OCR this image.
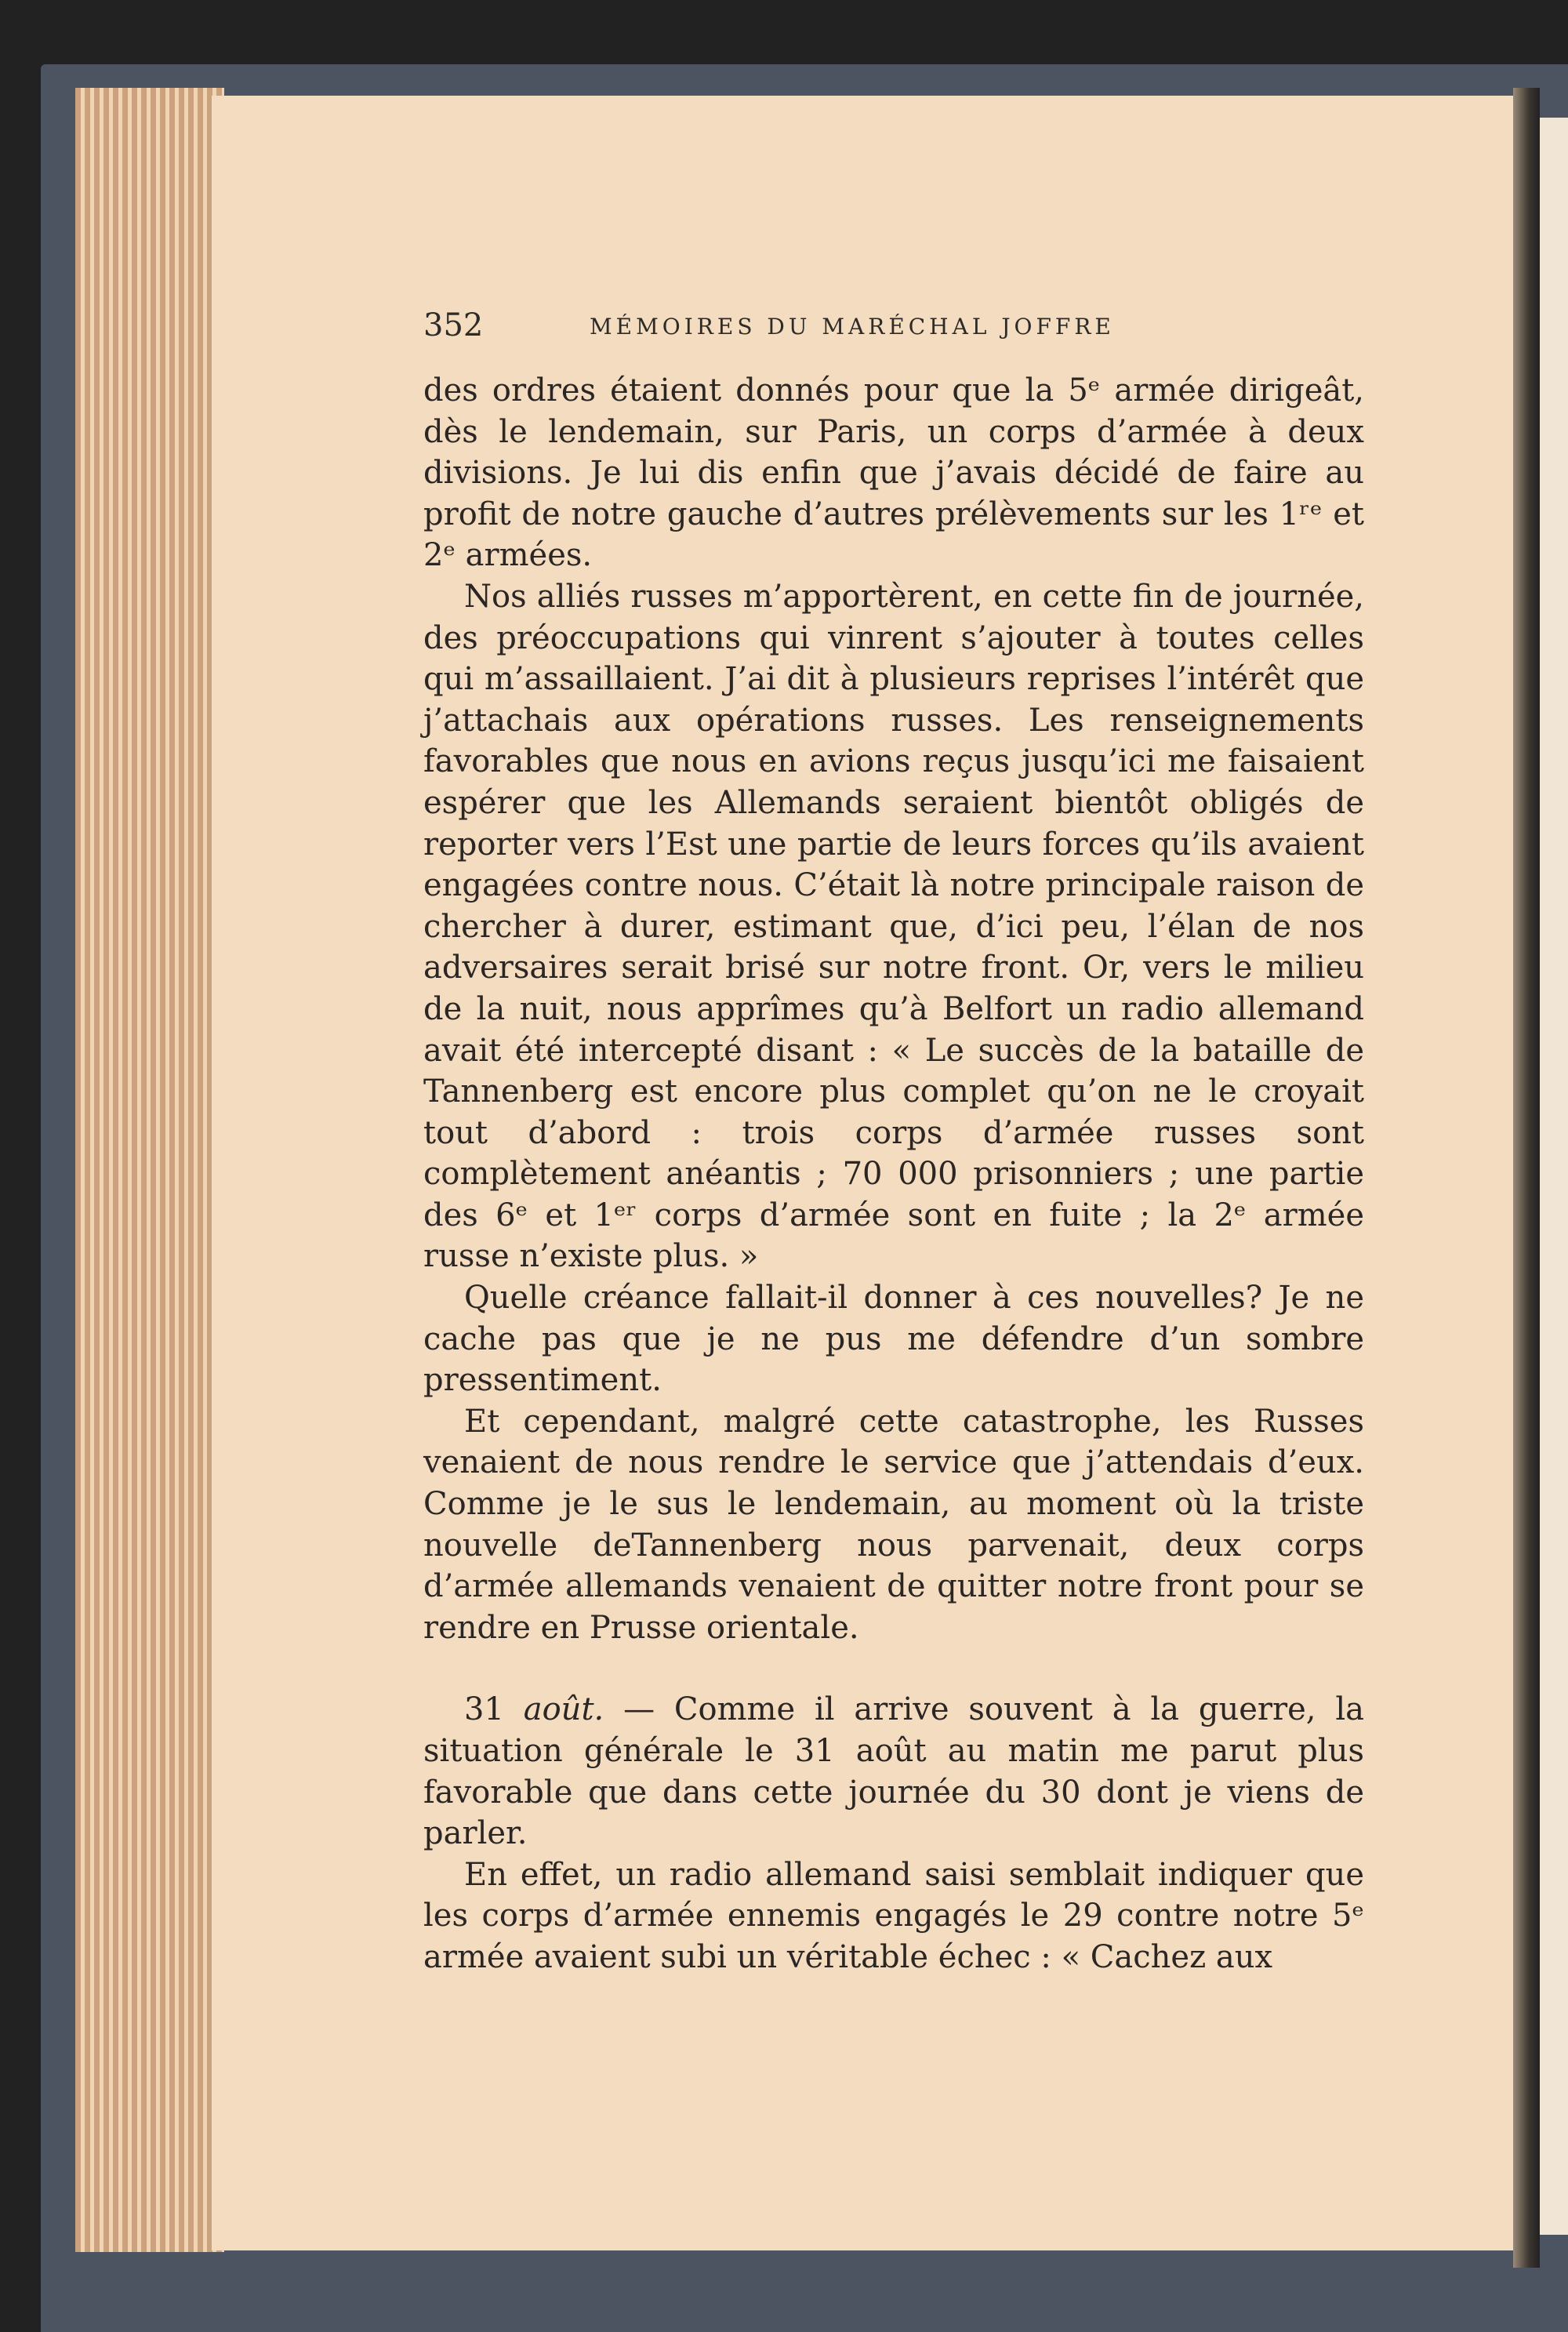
352	MÉMOIRES DU MARÉCHAL JOFFRE

des ordres étaient donnés pour que la 5ᵉ armée dirigeât, dès le lendemain, sur Paris, un corps d’armée à deux divisions. Je lui dis enfin que j’avais décidé de faire au profit de notre gauche d’autres prélèvements sur les 1ʳᵉ et 2ᵉ armées.

Nos alliés russes m’apportèrent, en cette fin de journée, des préoccupations qui vinrent s’ajouter à toutes celles qui m’assaillaient. J’ai dit à plusieurs reprises l’intérêt que j’attachais aux opérations russes. Les renseignements favorables que nous en avions reçus jusqu’ici me faisaient espérer que les Allemands seraient bientôt obligés de reporter vers l’Est une partie de leurs forces qu’ils avaient engagées contre nous. C’était là notre principale raison de chercher à durer, estimant que, d’ici peu, l’élan de nos adversaires serait brisé sur notre front. Or, vers le milieu de la nuit, nous apprîmes qu’à Belfort un radio allemand avait été intercepté disant : « Le succès de la bataille de Tannenberg est encore plus complet qu’on ne le croyait tout d’abord : trois corps d’armée russes sont complètement anéantis ; 70 000 prisonniers ; une partie des 6ᵉ et 1ᵉʳ corps d’armée sont en fuite ; la 2ᵉ armée russe n’existe plus. »

Quelle créance fallait-il donner à ces nouvelles? Je ne cache pas que je ne pus me défendre d’un sombre pressentiment.

Et cependant, malgré cette catastrophe, les Russes venaient de nous rendre le service que j’attendais d’eux. Comme je le sus le lendemain, au moment où la triste nouvelle deTannenberg nous parvenait, deux corps d’armée allemands venaient de quitter notre front pour se rendre en Prusse orientale.

31 août. — Comme il arrive souvent à la guerre, la situation générale le 31 août au matin me parut plus favorable que dans cette journée du 30 dont je viens de parler.

En effet, un radio allemand saisi semblait indiquer que les corps d’armée ennemis engagés le 29 contre notre 5ᵉ armée avaient subi un véritable échec : « Cachez aux
